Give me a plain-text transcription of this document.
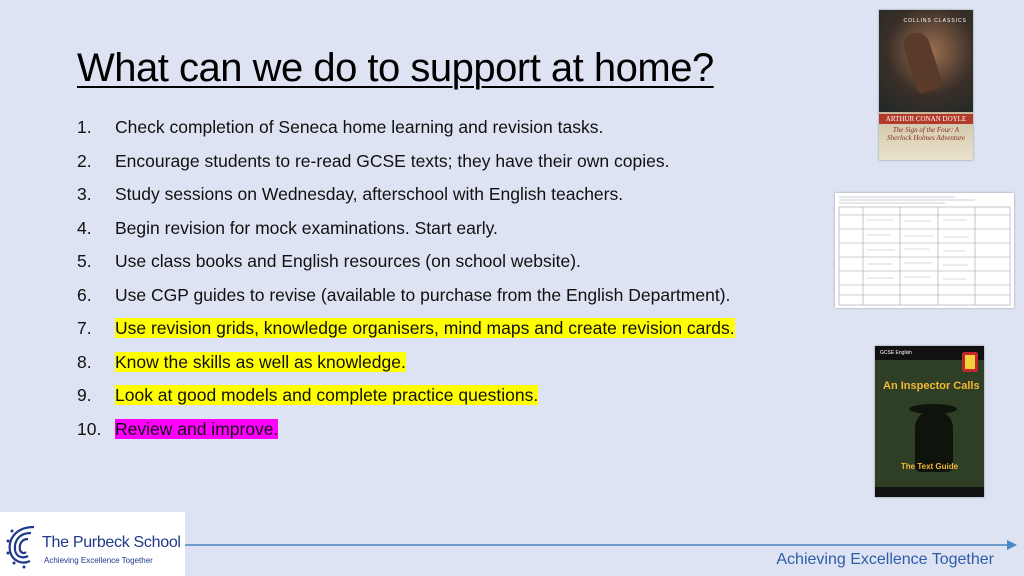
What can we do to support at home?
1.	Check completion of Seneca home learning and revision tasks.
2.	Encourage students to re-read GCSE texts; they have their own copies.
3.	Study sessions on Wednesday, afterschool with English teachers.
4.	Begin revision for mock examinations. Start early.
5.	Use class books and English resources (on school website).
6.	Use CGP guides to revise (available to purchase from the English Department).
7.	Use revision grids, knowledge organisers, mind maps and create revision cards.
8.	Know the skills as well as knowledge.
9.	Look at good models and complete practice questions.
10. Review and improve.
COLLINS CLASSICS
ARTHUR CONAN DOYLE
The Sign of the Four: A Sherlock Holmes Adventure
GCSE English
An Inspector Calls
The Text Guide
The Purbeck School
Achieving Excellence Together	Achieving Excellence Together
